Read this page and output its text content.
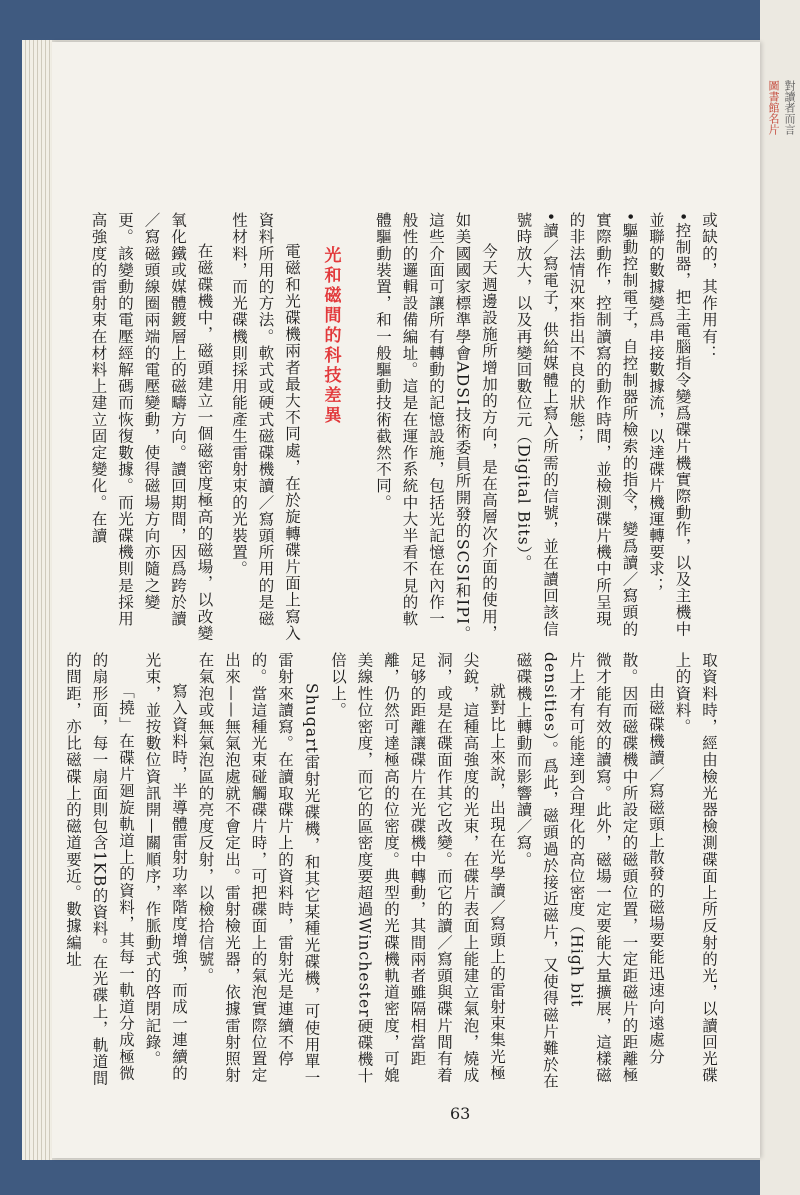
圖書館名片 對讀者而言

或缺的，其作用有：

•控制器，把主電腦指令變爲碟片機實際動作，以及主機中並聯的數據變爲串接數據流，以達碟片機運轉要求；

•驅動控制電子，自控制器所檢索的指令，變爲讀／寫頭的實際動作，控制讀寫的動作時間，並檢測碟片機中所呈現的非法情況來指出不良的狀態；

•讀／寫電子，供給媒體上寫入所需的信號，並在讀回該信號時放大，以及再變回數位元（Digital Bits）。

今天週邊設施所增加的方向，是在高層次介面的使用，如美國國家標準學會ADSI技術委員所開發的SCSI和IPI。這些介面可讓所有轉動的記憶設施，包括光記憶在內作一般性的邏輯設備編址。這是在運作系統中大半看不見的軟體驅動裝置，和一般驅動技術截然不同。

光和磁間的科技差異

電磁和光碟機兩者最大不同處，在於旋轉碟片面上寫入資料所用的方法。軟式或硬式磁碟機讀／寫頭所用的是磁性材料，而光碟機則採用能產生雷射束的光裝置。

在磁碟機中，磁頭建立一個磁密度極高的磁場，以改變氧化鐵或媒體鍍層上的磁疇方向。讀回期間，因爲跨於讀／寫磁頭線圈兩端的電壓變動，使得磁場方向亦隨之變更。該變動的電壓經解碼而恢復數據。而光碟機則是採用高強度的雷射束在材料上建立固定變化。在讀

取資料時，經由檢光器檢測碟面上所反射的光，以讀回光碟上的資料。

由磁碟機讀／寫磁頭上散發的磁場要能迅速向遠處分散。因而磁碟機中所設定的磁頭位置，一定距磁片的距離極微才能有效的讀寫。此外，磁場一定要能大量擴展，這樣磁片上才有可能達到合理化的高位密度（High bit densities）。爲此，磁頭過於接近磁片，又使得磁片難於在磁碟機上轉動而影響讀／寫。

就對比上來說，出現在光學讀／寫頭上的雷射束集光極尖銳，這種高強度的光束，在碟片表面上能建立氣泡，燒成洞，或是在碟面作其它改變。而它的讀／寫頭與碟片間有着足够的距離讓碟片在光碟機中轉動，其間兩者雖隔相當距離，仍然可達極高的位密度。典型的光碟機軌道密度，可媲美線性位密度，而它的區密度要超過Winchester硬碟機十倍以上。

Shuqart雷射光碟機，和其它某種光碟機，可使用單一雷射來讀寫。在讀取碟片上的資料時，雷射光是連續不停的。當這種光束碰觸碟片時，可把碟面上的氣泡實際位置定出來——無氣泡處就不會定出。雷射檢光器，依據雷射照射在氣泡或無氣泡區的亮度反射，以檢拾信號。

寫入資料時，半導體雷射功率階度增強，而成一連續的光束，並按數位資訊開—關順序，作脈動式的啓閉記錄。

「撓」在碟片廻旋軌道上的資料，其每一軌道分成極微的扇形面，每一扇面則包含1KB的資料。在光碟上，軌道間的間距，亦比磁碟上的磁道要近。數據編址

63
